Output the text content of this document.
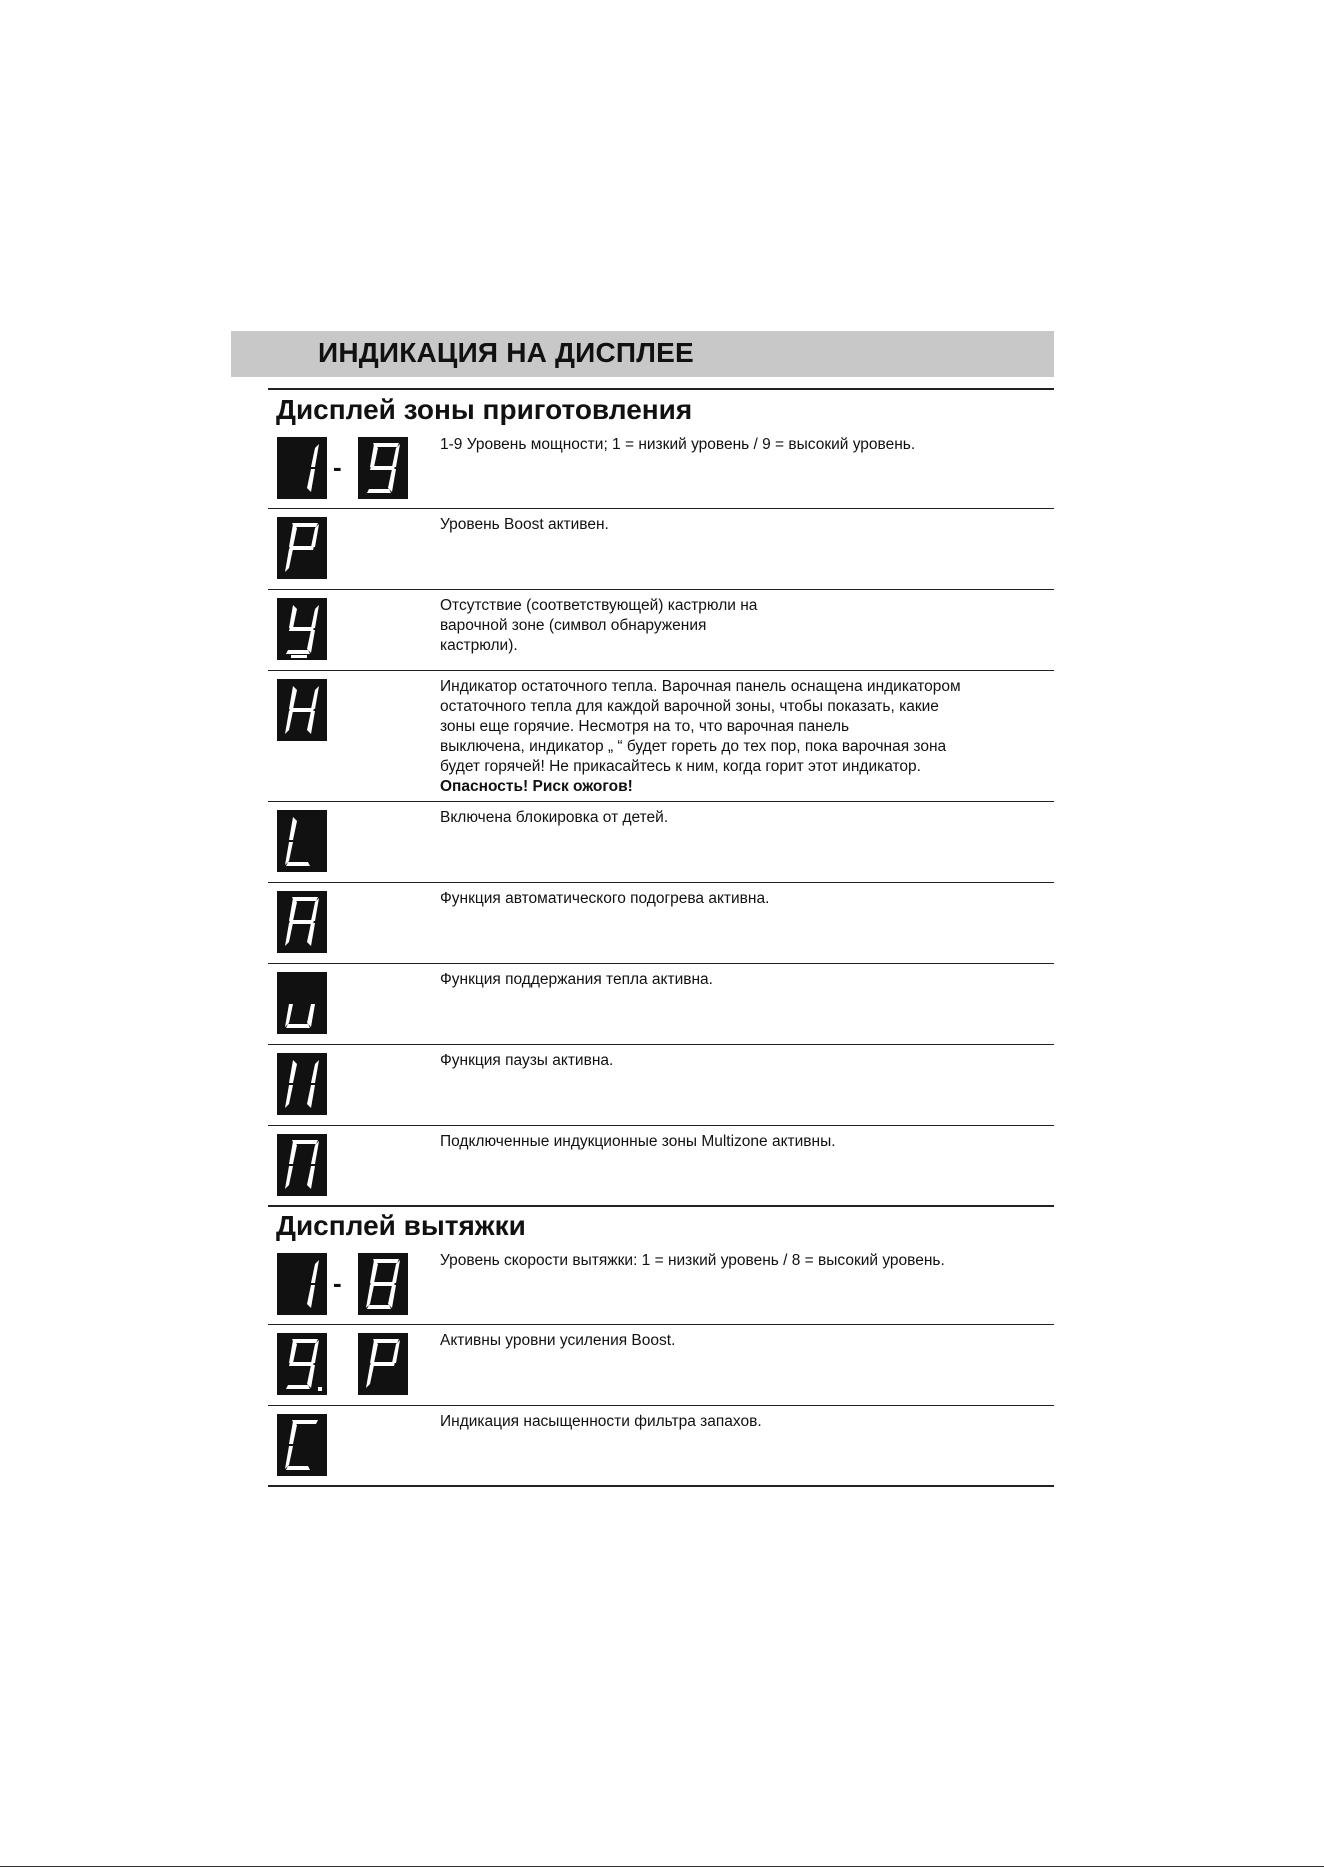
ИНДИКАЦИЯ НА ДИСПЛЕЕ
Дисплей зоны приготовления
-
1-9 Уровень мощности; 1 = низкий уровень / 9 = высокий уровень.
Уровень Boost активен.
Отсутствие (соответствующей) кастрюли на
варочной зоне (символ обнаружения
кастрюли).
Индикатор остаточного тепла. Варочная панель оснащена индикатором
остаточного тепла для каждой варочной зоны, чтобы показать, какие
зоны еще горячие. Несмотря на то, что варочная панель
выключена, индикатор „ “ будет гореть до тех пор, пока варочная зона
будет горячей! Не прикасайтесь к ним, когда горит этот индикатор.
Опасность! Риск ожогов!
Включена блокировка от детей.
Функция автоматического подогрева активна.
Функция поддержания тепла активна.
Функция паузы активна.
Подключенные индукционные зоны Multizone активны.
Дисплей вытяжки
-
Уровень скорости вытяжки: 1 = низкий уровень / 8 = высокий уровень.
Активны уровни усиления Boost.
Индикация насыщенности фильтра запахов.
